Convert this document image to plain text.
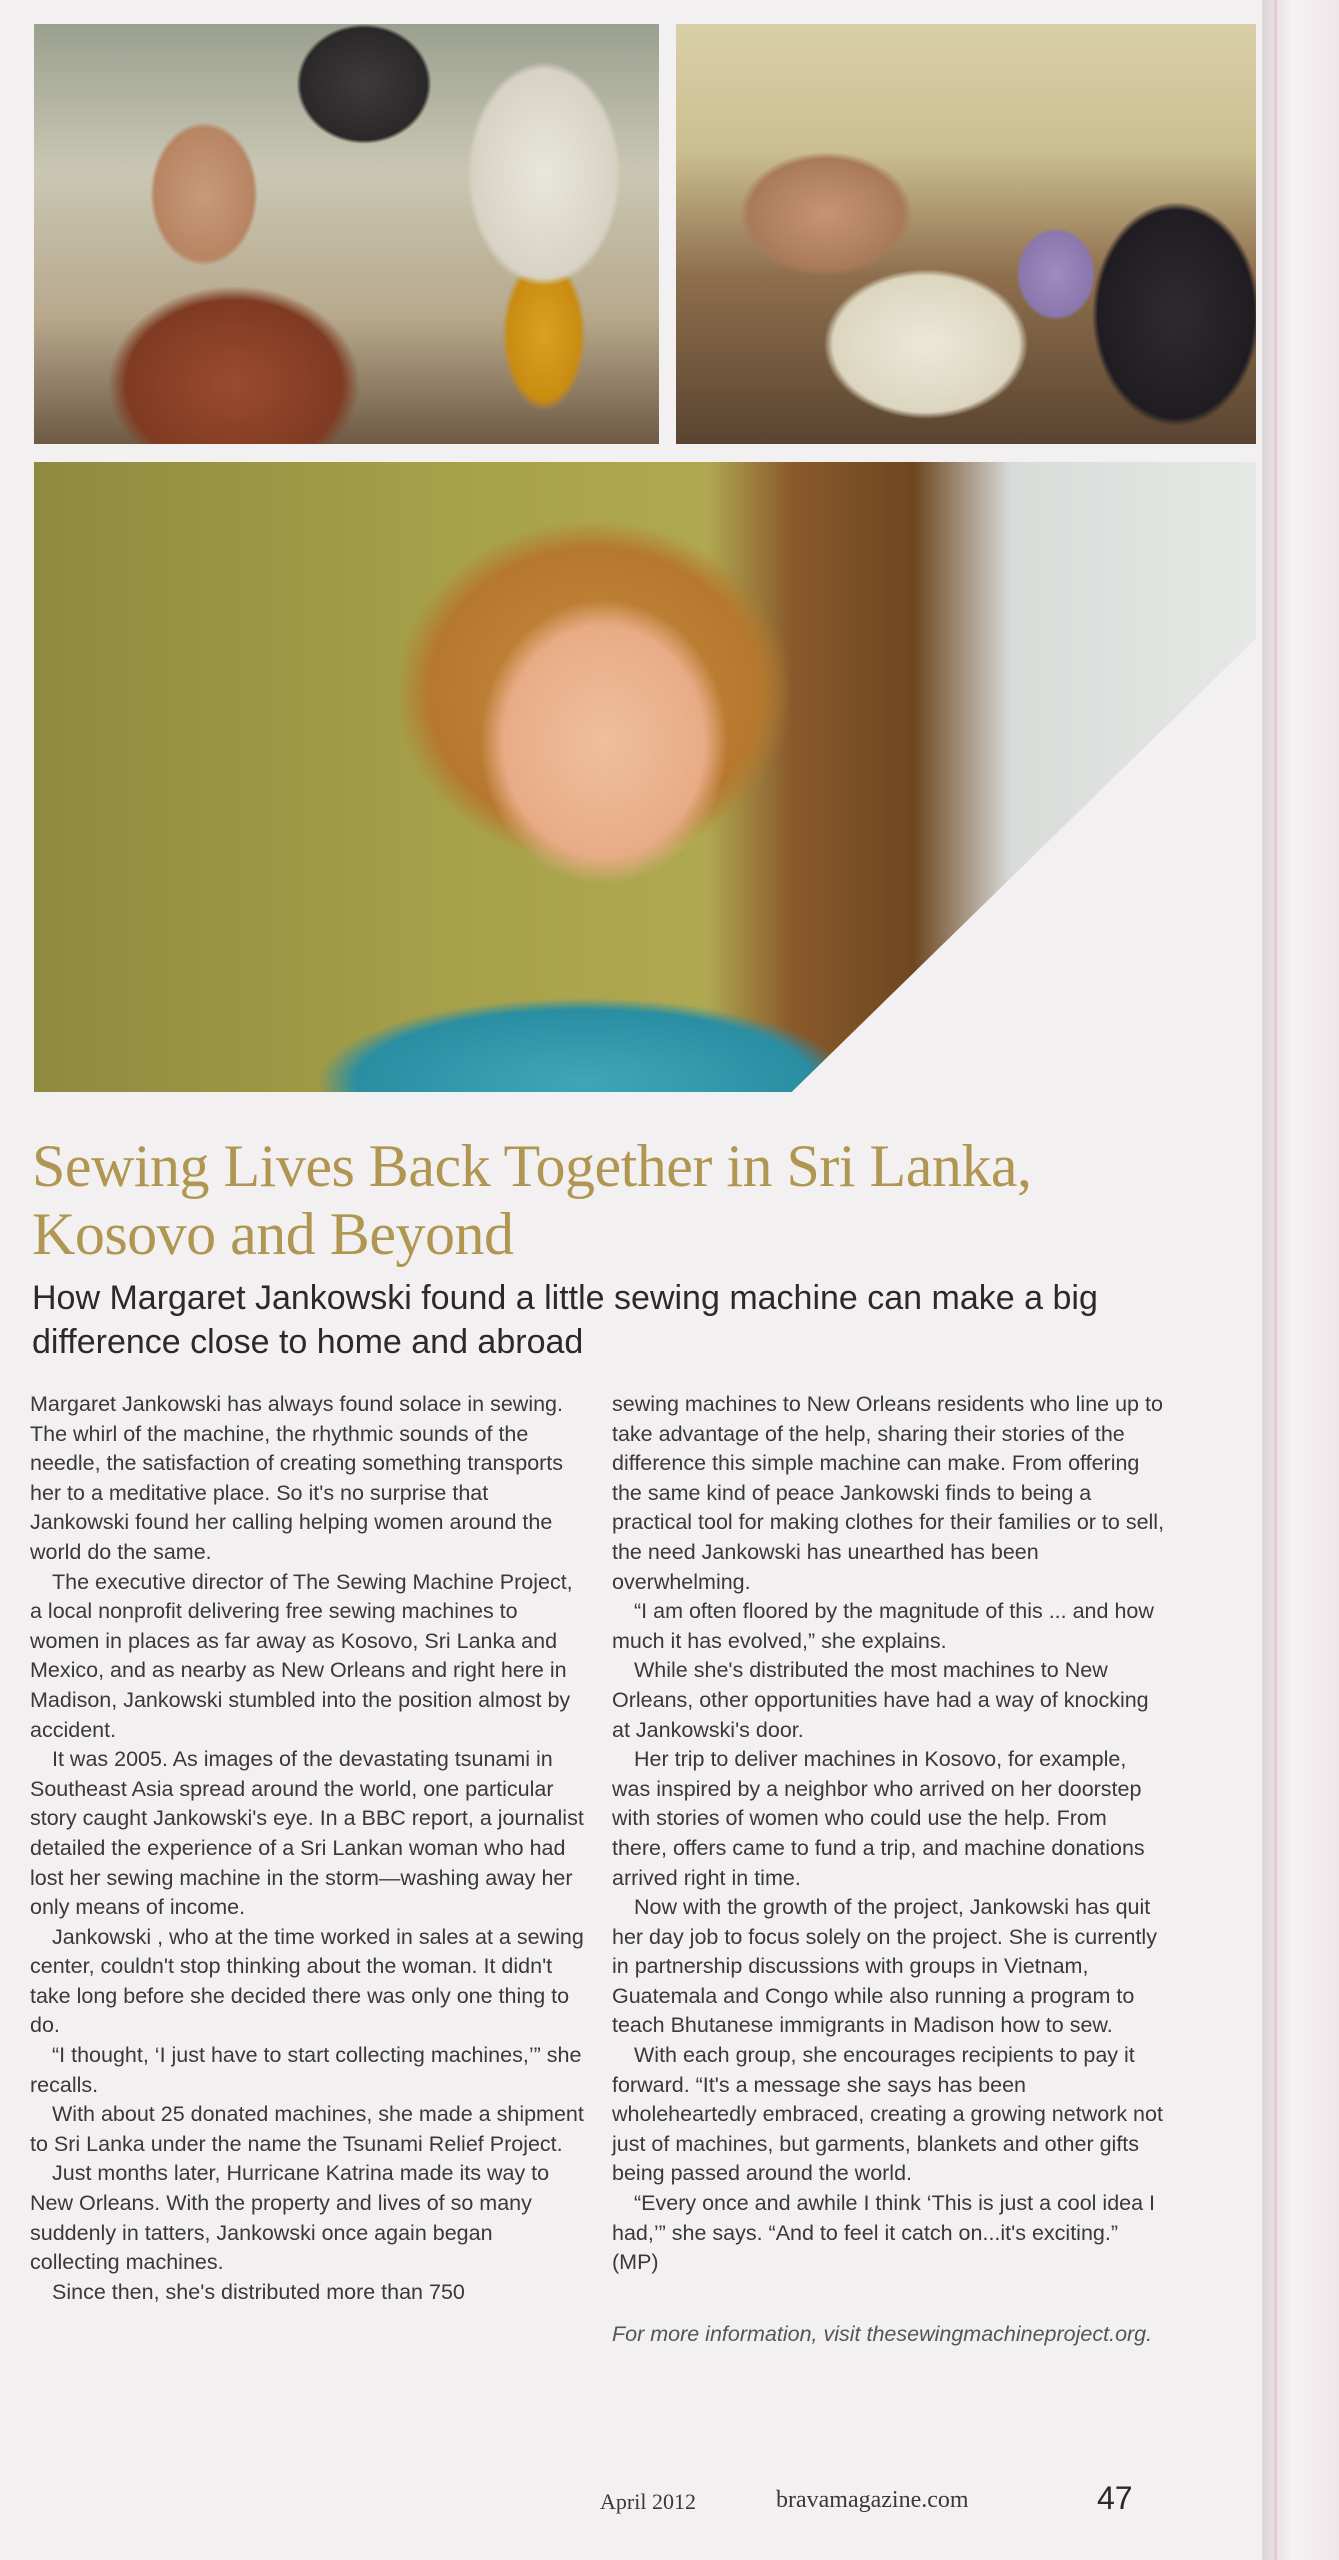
Sewing Lives Back Together in Sri Lanka, Kosovo and Beyond
How Margaret Jankowski found a little sewing machine can make a big difference close to home and abroad

Margaret Jankowski has always found solace in sewing. The whirl of the machine, the rhythmic sounds of the needle, the satisfaction of creating something transports her to a meditative place. So it's no surprise that Jankowski found her calling helping women around the world do the same.

The executive director of The Sewing Machine Project, a local nonprofit delivering free sewing machines to women in places as far away as Kosovo, Sri Lanka and Mexico, and as nearby as New Orleans and right here in Madison, Jankowski stumbled into the position almost by accident.

It was 2005. As images of the devastating tsunami in Southeast Asia spread around the world, one particular story caught Jankowski's eye. In a BBC report, a journalist detailed the experience of a Sri Lankan woman who had lost her sewing machine in the storm—washing away her only means of income.

Jankowski , who at the time worked in sales at a sewing center, couldn't stop thinking about the woman. It didn't take long before she decided there was only one thing to do.

“I thought, ‘I just have to start collecting machines,’” she recalls.

With about 25 donated machines, she made a shipment to Sri Lanka under the name the Tsunami Relief Project.

Just months later, Hurricane Katrina made its way to New Orleans. With the property and lives of so many suddenly in tatters, Jankowski once again began collecting machines.

Since then, she's distributed more than 750

sewing machines to New Orleans residents who line up to take advantage of the help, sharing their stories of the difference this simple machine can make. From offering the same kind of peace Jankowski finds to being a practical tool for making clothes for their families or to sell, the need Jankowski has unearthed has been overwhelming.

“I am often floored by the magnitude of this ... and how much it has evolved,” she explains.

While she's distributed the most machines to New Orleans, other opportunities have had a way of knocking at Jankowski's door.

Her trip to deliver machines in Kosovo, for example, was inspired by a neighbor who arrived on her doorstep with stories of women who could use the help. From there, offers came to fund a trip, and machine donations arrived right in time.

Now with the growth of the project, Jankowski has quit her day job to focus solely on the project. She is currently in partnership discussions with groups in Vietnam, Guatemala and Congo while also running a program to teach Bhutanese immigrants in Madison how to sew.

With each group, she encourages recipients to pay it forward. “It's a message she says has been wholeheartedly embraced, creating a growing network not just of machines, but garments, blankets and other gifts being passed around the world.

“Every once and awhile I think ‘This is just a cool idea I had,’” she says. “And to feel it catch on...it's exciting.” (MP)

For more information, visit thesewingmachineproject.org.

April 2012	bravamagazine.com	47
